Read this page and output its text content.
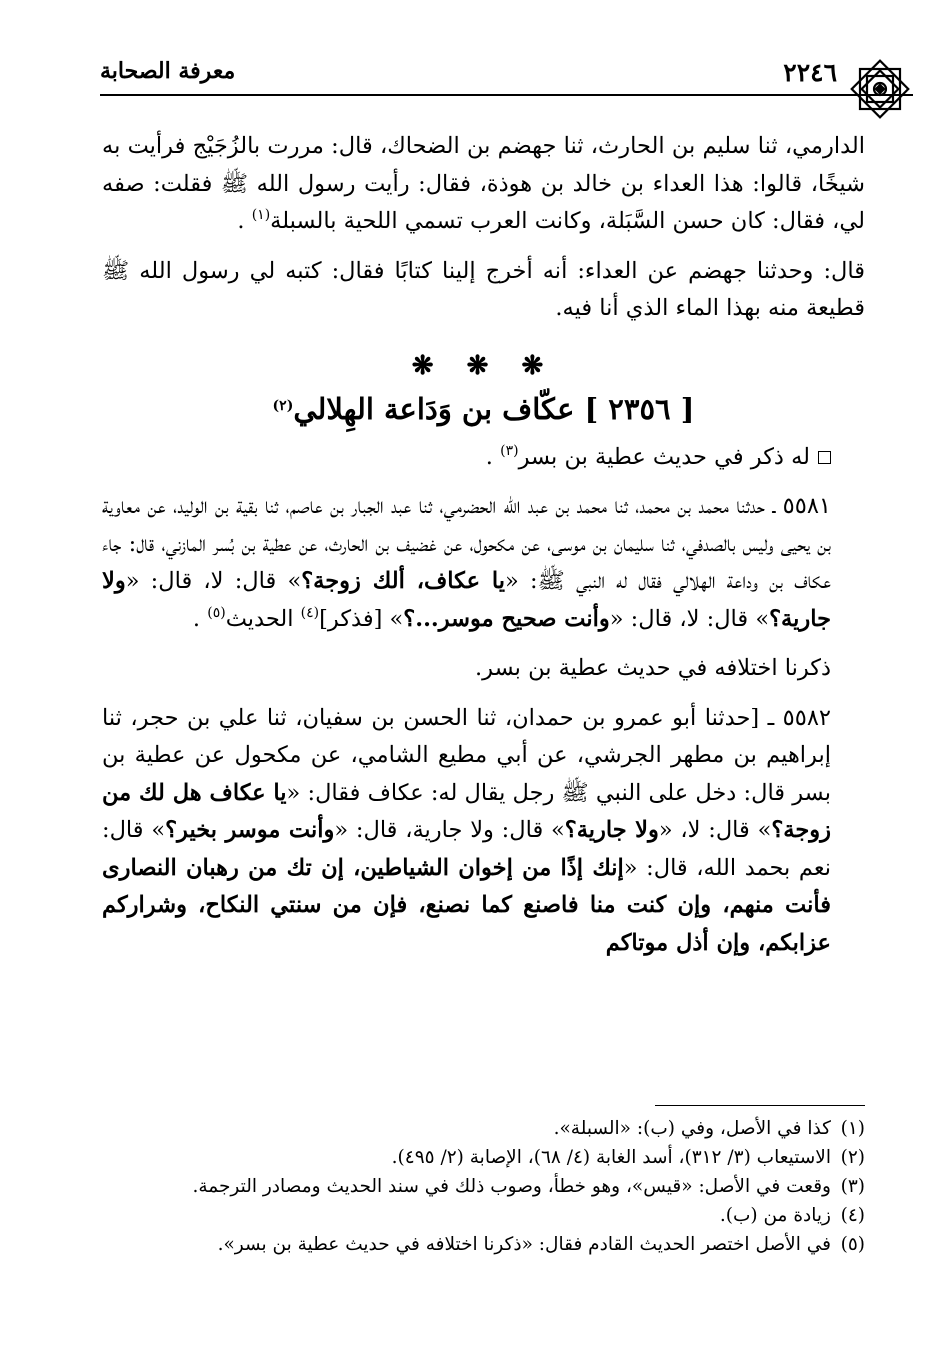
٢٢٤٦
معرفة الصحابة

الدارمي، ثنا سليم بن الحارث، ثنا جهضم بن الضحاك، قال: مررت بالزُجَيْج فرأيت به شيخًا، قالوا: هذا العداء بن خالد بن هوذة، فقال: رأيت رسول الله ﷺ فقلت: صفه لي، فقال: كان حسن السَّبَلة، وكانت العرب تسمي اللحية بالسبلة$^{(١)}$ .

قال: وحدثنا جهضم عن العداء: أنه أخرج إلينا كتابًا فقال: كتبه لي رسول الله ﷺ قطيعة منه بهذا الماء الذي أنا فيه.

❋ ❋ ❋
[ ٢٣٥٦ ] عكّاف بن وَدَاعة الهِلالي$^{(٢)}$

له ذكر في حديث عطية بن بسر$^{(٣)}$ .

٥٥٨١ ـ حدثنا محمد بن محمد، ثنا محمد بن عبد الله الحضرمي، ثنا عبد الجبار بن عاصم، ثنا بقية بن الوليد، عن معاوية بن يحيى وليس بالصدفي، ثنا سليمان بن موسى، عن مكحول، عن غضيف بن الحارث، عن عطية بن بُسر المازني، قال: جاء عكاف بن وداعة الهلالي فقال له النبي ﷺ: «يا عكاف، ألك زوجة؟» قال: لا، قال: «ولا جارية؟» قال: لا، قال: «وأنت صحيح موسر...؟» [فذكر]$^{(٤)}$ الحديث$^{(٥)}$ .

ذكرنا اختلافه في حديث عطية بن بسر.

٥٥٨٢ ـ [حدثنا أبو عمرو بن حمدان، ثنا الحسن بن سفيان، ثنا علي بن حجر، ثنا إبراهيم بن مطهر الجرشي، عن أبي مطيع الشامي، عن مكحول عن عطية بن بسر قال: دخل على النبي ﷺ رجل يقال له: عكاف فقال: «يا عكاف هل لك من زوجة؟» قال: لا، «ولا جارية؟» قال: ولا جارية، قال: «وأنت موسر بخير؟» قال: نعم بحمد الله، قال: «إنك إذًا من إخوان الشياطين، إن تك من رهبان النصارى فأنت منهم، وإن كنت منا فاصنع كما نصنع، فإن من سنتي النكاح، وشراركم عزابكم، وإن أذل موتاكم

(١)كذا في الأصل، وفي (ب): «السبلة».
(٢)الاستيعاب (٣/ ٣١٢)، أسد الغابة (٤/ ٦٨)، الإصابة (٢/ ٤٩٥).
(٣)وقعت في الأصل: «قيس»، وهو خطأ، وصوب ذلك في سند الحديث ومصادر الترجمة.
(٤)زيادة من (ب).
(٥)في الأصل اختصر الحديث القادم فقال: «ذكرنا اختلافه في حديث عطية بن بسر».
